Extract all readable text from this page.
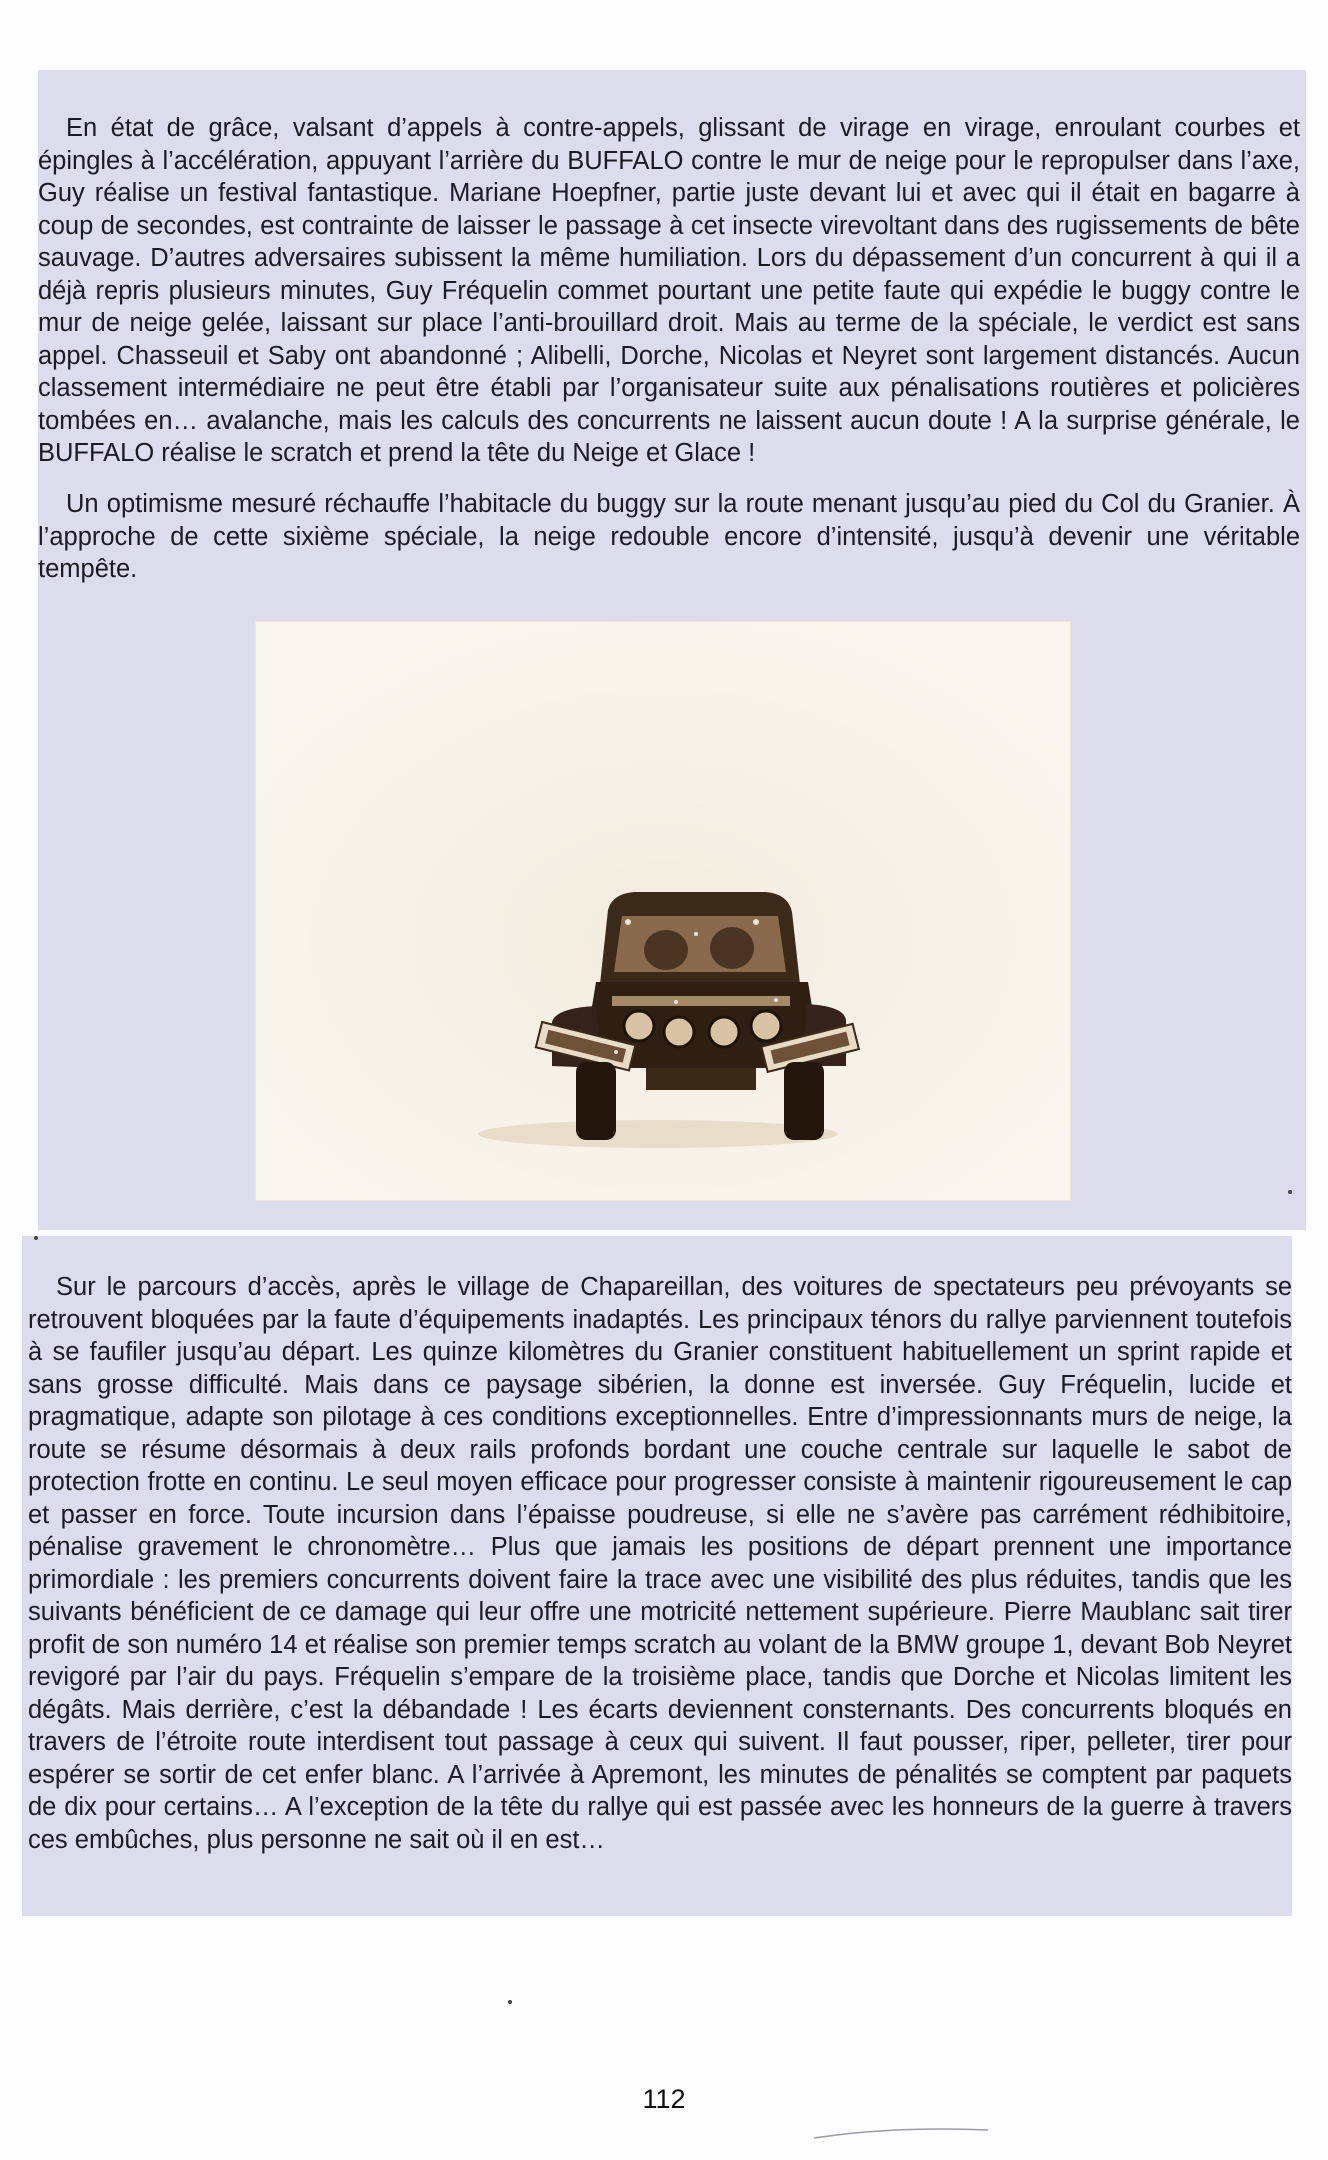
En état de grâce, valsant d’appels à contre-appels, glissant de virage en virage, enroulant courbes et épingles à l’accélération, appuyant l’arrière du BUFFALO contre le mur de neige pour le repropulser dans l’axe, Guy réalise un festival fantastique. Mariane Hoepfner, partie juste devant lui et avec qui il était en bagarre à coup de secondes, est contrainte de laisser le passage à cet insecte virevoltant dans des rugissements de bête sauvage. D’autres adversaires subissent la même humiliation. Lors du dépassement d’un concurrent à qui il a déjà repris plusieurs minutes, Guy Fréquelin commet pourtant une petite faute qui expédie le buggy contre le mur de neige gelée, laissant sur place l’anti-brouillard droit. Mais au terme de la spéciale, le verdict est sans appel. Chasseuil et Saby ont abandonné ; Alibelli, Dorche, Nicolas et Neyret sont largement distancés. Aucun classement intermédiaire ne peut être établi par l’organisateur suite aux pénalisations routières et policières tombées en… avalanche, mais les calculs des concurrents ne laissent aucun doute ! A la surprise générale, le BUFFALO réalise le scratch et prend la tête du Neige et Glace !

Un optimisme mesuré réchauffe l’habitacle du buggy sur la route menant jusqu’au pied du Col du Granier. À l’approche de cette sixième spéciale, la neige redouble encore d’intensité, jusqu’à devenir une véritable tempête.

Sur le parcours d’accès, après le village de Chapareillan, des voitures de spectateurs peu prévoyants se retrouvent bloquées par la faute d’équipements inadaptés. Les principaux ténors du rallye parviennent toutefois à se faufiler jusqu’au départ. Les quinze kilomètres du Granier constituent habituellement un sprint rapide et sans grosse difficulté. Mais dans ce paysage sibérien, la donne est inversée. Guy Fréquelin, lucide et pragmatique, adapte son pilotage à ces conditions exceptionnelles. Entre d’impressionnants murs de neige, la route se résume désormais à deux rails profonds bordant une couche centrale sur laquelle le sabot de protection frotte en continu. Le seul moyen efficace pour progresser consiste à maintenir rigoureusement le cap et passer en force. Toute incursion dans l’épaisse poudreuse, si elle ne s’avère pas carrément rédhibitoire, pénalise gravement le chronomètre… Plus que jamais les positions de départ prennent une importance primordiale : les premiers concurrents doivent faire la trace avec une visibilité des plus réduites, tandis que les suivants bénéficient de ce damage qui leur offre une motricité nettement supérieure. Pierre Maublanc sait tirer profit de son numéro 14 et réalise son premier temps scratch au volant de la BMW groupe 1, devant Bob Neyret revigoré par l’air du pays. Fréquelin s’empare de la troisième place, tandis que Dorche et Nicolas limitent les dégâts. Mais derrière, c’est la débandade ! Les écarts deviennent consternants. Des concurrents bloqués en travers de l’étroite route interdisent tout passage à ceux qui suivent. Il faut pousser, riper, pelleter, tirer pour espérer se sortir de cet enfer blanc. A l’arrivée à Apremont, les minutes de pénalités se comptent par paquets de dix pour certains… A l’exception de la tête du rallye qui est passée avec les honneurs de la guerre à travers ces embûches, plus personne ne sait où il en est…

112
